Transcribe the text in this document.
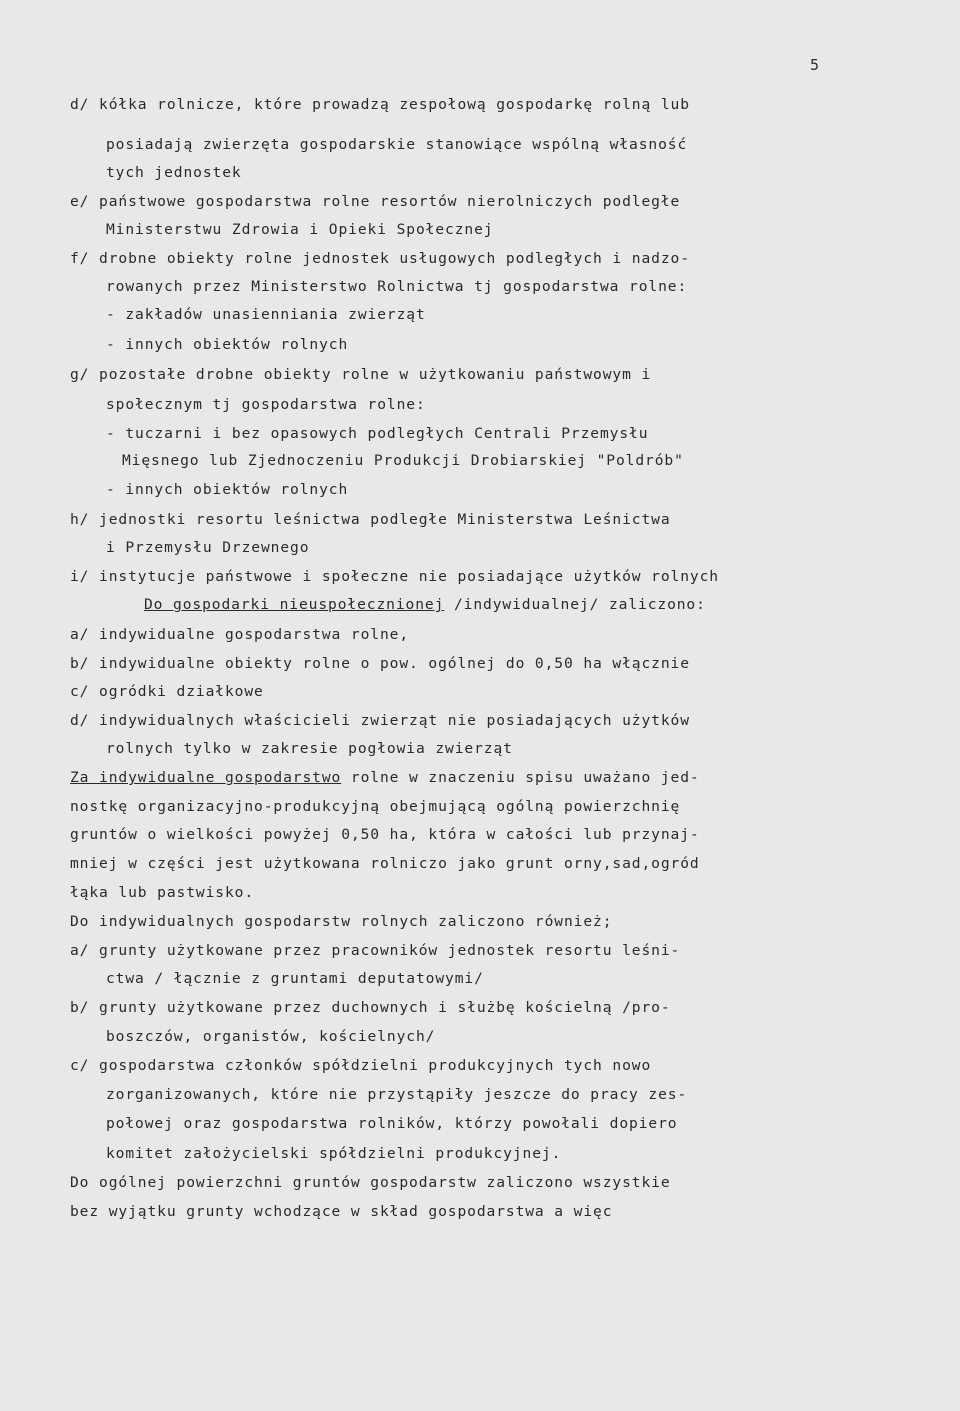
5
d/ kółka rolnicze, które prowadzą zespołową gospodarkę rolną lub
posiadają zwierzęta gospodarskie stanowiące wspólną własność
tych jednostek
e/ państwowe gospodarstwa rolne resortów nierolniczych podległe
Ministerstwu Zdrowia i Opieki Społecznej
f/ drobne obiekty rolne jednostek usługowych podległych i nadzo-
rowanych przez Ministerstwo Rolnictwa tj gospodarstwa rolne:
- zakładów unasienniania zwierząt
- innych obiektów rolnych
g/ pozostałe drobne obiekty rolne w użytkowaniu państwowym i
społecznym tj gospodarstwa rolne:
- tuczarni i bez opasowych podległych Centrali Przemysłu
Mięsnego lub Zjednoczeniu Produkcji Drobiarskiej "Poldrób"
- innych obiektów rolnych
h/ jednostki resortu leśnictwa podległe Ministerstwa Leśnictwa
i Przemysłu Drzewnego
i/ instytucje państwowe i społeczne nie posiadające użytków rolnych
Do gospodarki nieuspołecznionej /indywidualnej/ zaliczono:
a/ indywidualne gospodarstwa rolne,
b/ indywidualne obiekty rolne o pow. ogólnej do 0,50 ha włącznie
c/ ogródki działkowe
d/ indywidualnych właścicieli zwierząt nie posiadających użytków
rolnych tylko w zakresie pogłowia zwierząt
Za indywidualne gospodarstwo rolne w znaczeniu spisu uważano jed-
nostkę organizacyjno-produkcyjną obejmującą ogólną powierzchnię
gruntów o wielkości powyżej 0,50 ha, która w całości lub przynaj-
mniej w części jest użytkowana rolniczo jako grunt orny,sad,ogród
łąka lub pastwisko.
Do indywidualnych gospodarstw rolnych zaliczono również;
a/ grunty użytkowane przez pracowników jednostek resortu leśni-
ctwa / łącznie z gruntami deputatowymi/
b/ grunty użytkowane przez duchownych i służbę kościelną /pro-
boszczów, organistów, kościelnych/
c/ gospodarstwa członków spółdzielni produkcyjnych tych nowo
zorganizowanych, które nie przystąpiły jeszcze do pracy zes-
połowej oraz gospodarstwa rolników, którzy powołali dopiero
komitet założycielski spółdzielni produkcyjnej.
Do ogólnej powierzchni gruntów gospodarstw zaliczono wszystkie
bez wyjątku grunty wchodzące w skład gospodarstwa a więc
